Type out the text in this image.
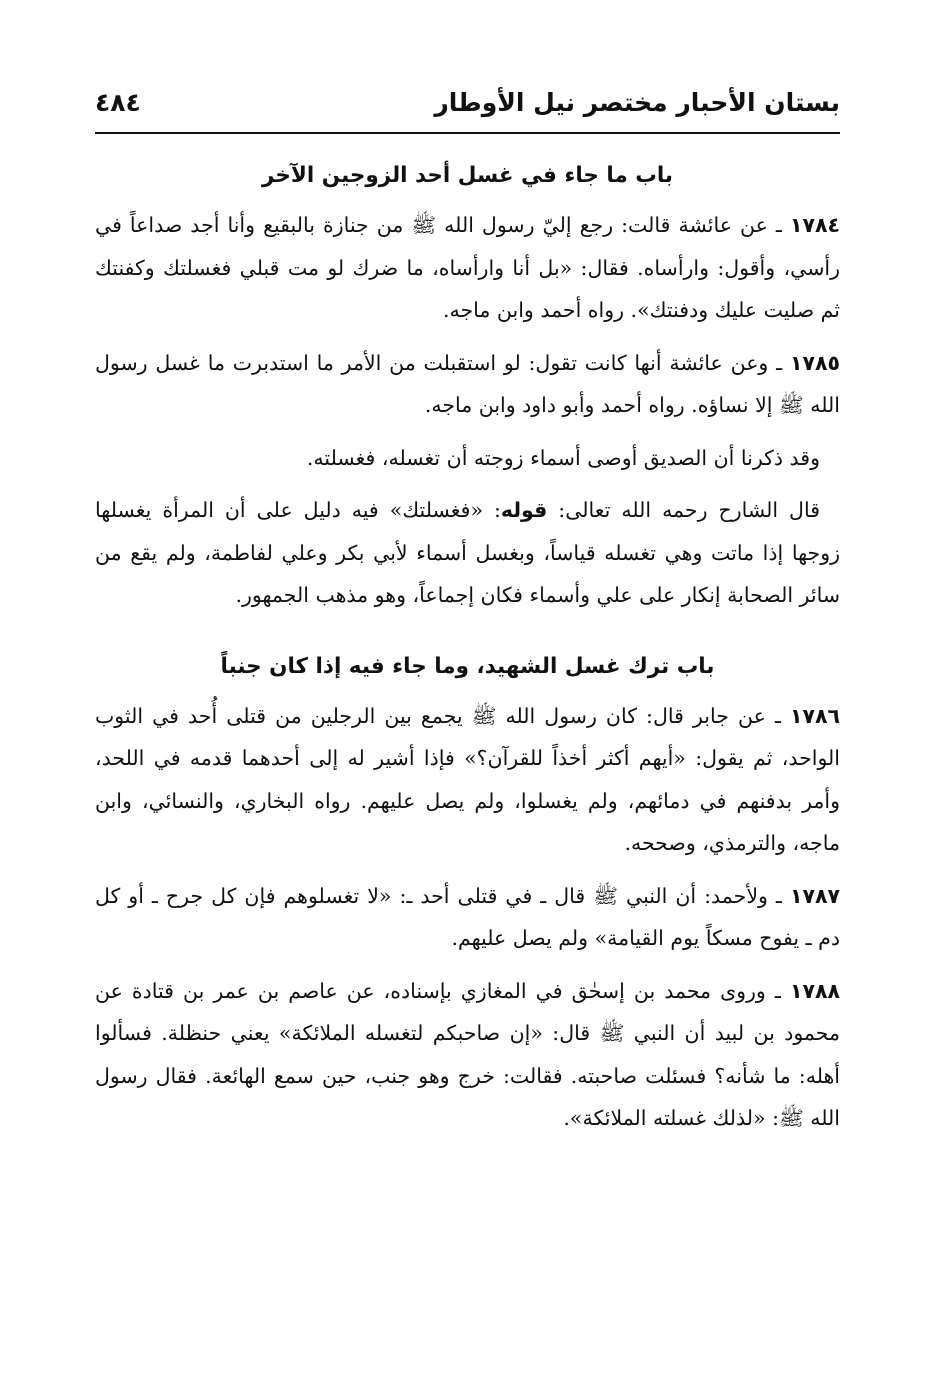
بستان الأحبار مختصر نيل الأوطار
٤٨٤
باب ما جاء في غسل أحد الزوجين الآخر

١٧٨٤ ـ عن عائشة قالت: رجع إليّ رسول الله ﷺ من جنازة بالبقيع وأنا أجد صداعاً في رأسي، وأقول: وارأساه. فقال: «بل أنا وارأساه، ما ضرك لو مت قبلي فغسلتك وكفنتك ثم صليت عليك ودفنتك». رواه أحمد وابن ماجه.

١٧٨٥ ـ وعن عائشة أنها كانت تقول: لو استقبلت من الأمر ما استدبرت ما غسل رسول الله ﷺ إلا نساؤه. رواه أحمد وأبو داود وابن ماجه.

وقد ذكرنا أن الصديق أوصى أسماء زوجته أن تغسله، فغسلته.

قال الشارح رحمه الله تعالى: قوله: «فغسلتك» فيه دليل على أن المرأة يغسلها زوجها إذا ماتت وهي تغسله قياساً، وبغسل أسماء لأبي بكر وعلي لفاطمة، ولم يقع من سائر الصحابة إنكار على علي وأسماء فكان إجماعاً، وهو مذهب الجمهور.

باب ترك غسل الشهيد، وما جاء فيه إذا كان جنباً

١٧٨٦ ـ عن جابر قال: كان رسول الله ﷺ يجمع بين الرجلين من قتلى أُحد في الثوب الواحد، ثم يقول: «أيهم أكثر أخذاً للقرآن؟» فإذا أشير له إلى أحدهما قدمه في اللحد، وأمر بدفنهم في دمائهم، ولم يغسلوا، ولم يصل عليهم. رواه البخاري، والنسائي، وابن ماجه، والترمذي، وصححه.

١٧٨٧ ـ ولأحمد: أن النبي ﷺ قال ـ في قتلى أحد ـ: «لا تغسلوهم فإن كل جرح ـ أو كل دم ـ يفوح مسكاً يوم القيامة» ولم يصل عليهم.

١٧٨٨ ـ وروى محمد بن إسحٰق في المغازي بإسناده، عن عاصم بن عمر بن قتادة عن محمود بن لبيد أن النبي ﷺ قال: «إن صاحبكم لتغسله الملائكة» يعني حنظلة. فسألوا أهله: ما شأنه؟ فسئلت صاحبته. فقالت: خرج وهو جنب، حين سمع الهائعة. فقال رسول الله ﷺ: «لذلك غسلته الملائكة».
